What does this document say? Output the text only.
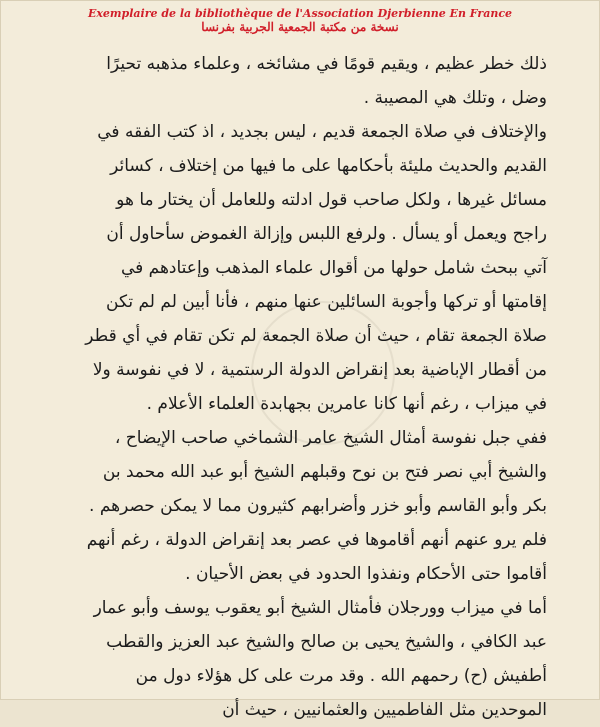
Exemplaire de la bibliothèque de l'Association Djerbienne En France
نسخة من مكتبة الجمعية الجربية بفرنسا

ذلك خطر عظيم ، ويقيم قومًا في مشائخه ، وعلماء مذهبه تحيرًا وضل ، وتلك هي المصيبة .

والإختلاف في صلاة الجمعة قديم ، ليس بجديد ، اذ كتب الفقه في القديم والحديث مليئة بأحكامها على ما فيها من إختلاف ، كسائر مسائل غيرها ، ولكل صاحب قول ادلته وللعامل أن يختار ما هو راجح ويعمل أو يسأل . ولرفع اللبس وإزالة الغموض سأحاول أن آتي ببحث شامل حولها من أقوال علماء المذهب وإعتادهم في إقامتها أو تركها وأجوبة السائلين عنها منهم ، فأنا أبين لم لم تكن صلاة الجمعة تقام ، حيث أن صلاة الجمعة لم تكن تقام في أي قطر من أقطار الإباضية بعد إنقراض الدولة الرستمية ، لا في نفوسة ولا في ميزاب ، رغم أنها كانا عامرين بجهابدة العلماء الأعلام .

ففي جبل نفوسة أمثال الشيخ عامر الشماخي صاحب الإيضاح ، والشيخ أبي نصر فتح بن نوح وقبلهم الشيخ أبو عبد الله محمد بن بكر وأبو القاسم وأبو خزر وأضرابهم كثيرون مما لا يمكن حصرهم .

فلم يرو عنهم أنهم أقاموها في عصر بعد إنقراض الدولة ، رغم أنهم أقاموا حتى الأحكام ونفذوا الحدود في بعض الأحيان .

أما في ميزاب وورجلان فأمثال الشيخ أبو يعقوب يوسف وأبو عمار عبد الكافي ، والشيخ يحيى بن صالح والشيخ عبد العزيز والقطب أطفيش (ح) رحمهم الله . وقد مرت على كل هؤلاء دول من الموحدين مثل الفاطميين والعثمانيين ، حيث أن
